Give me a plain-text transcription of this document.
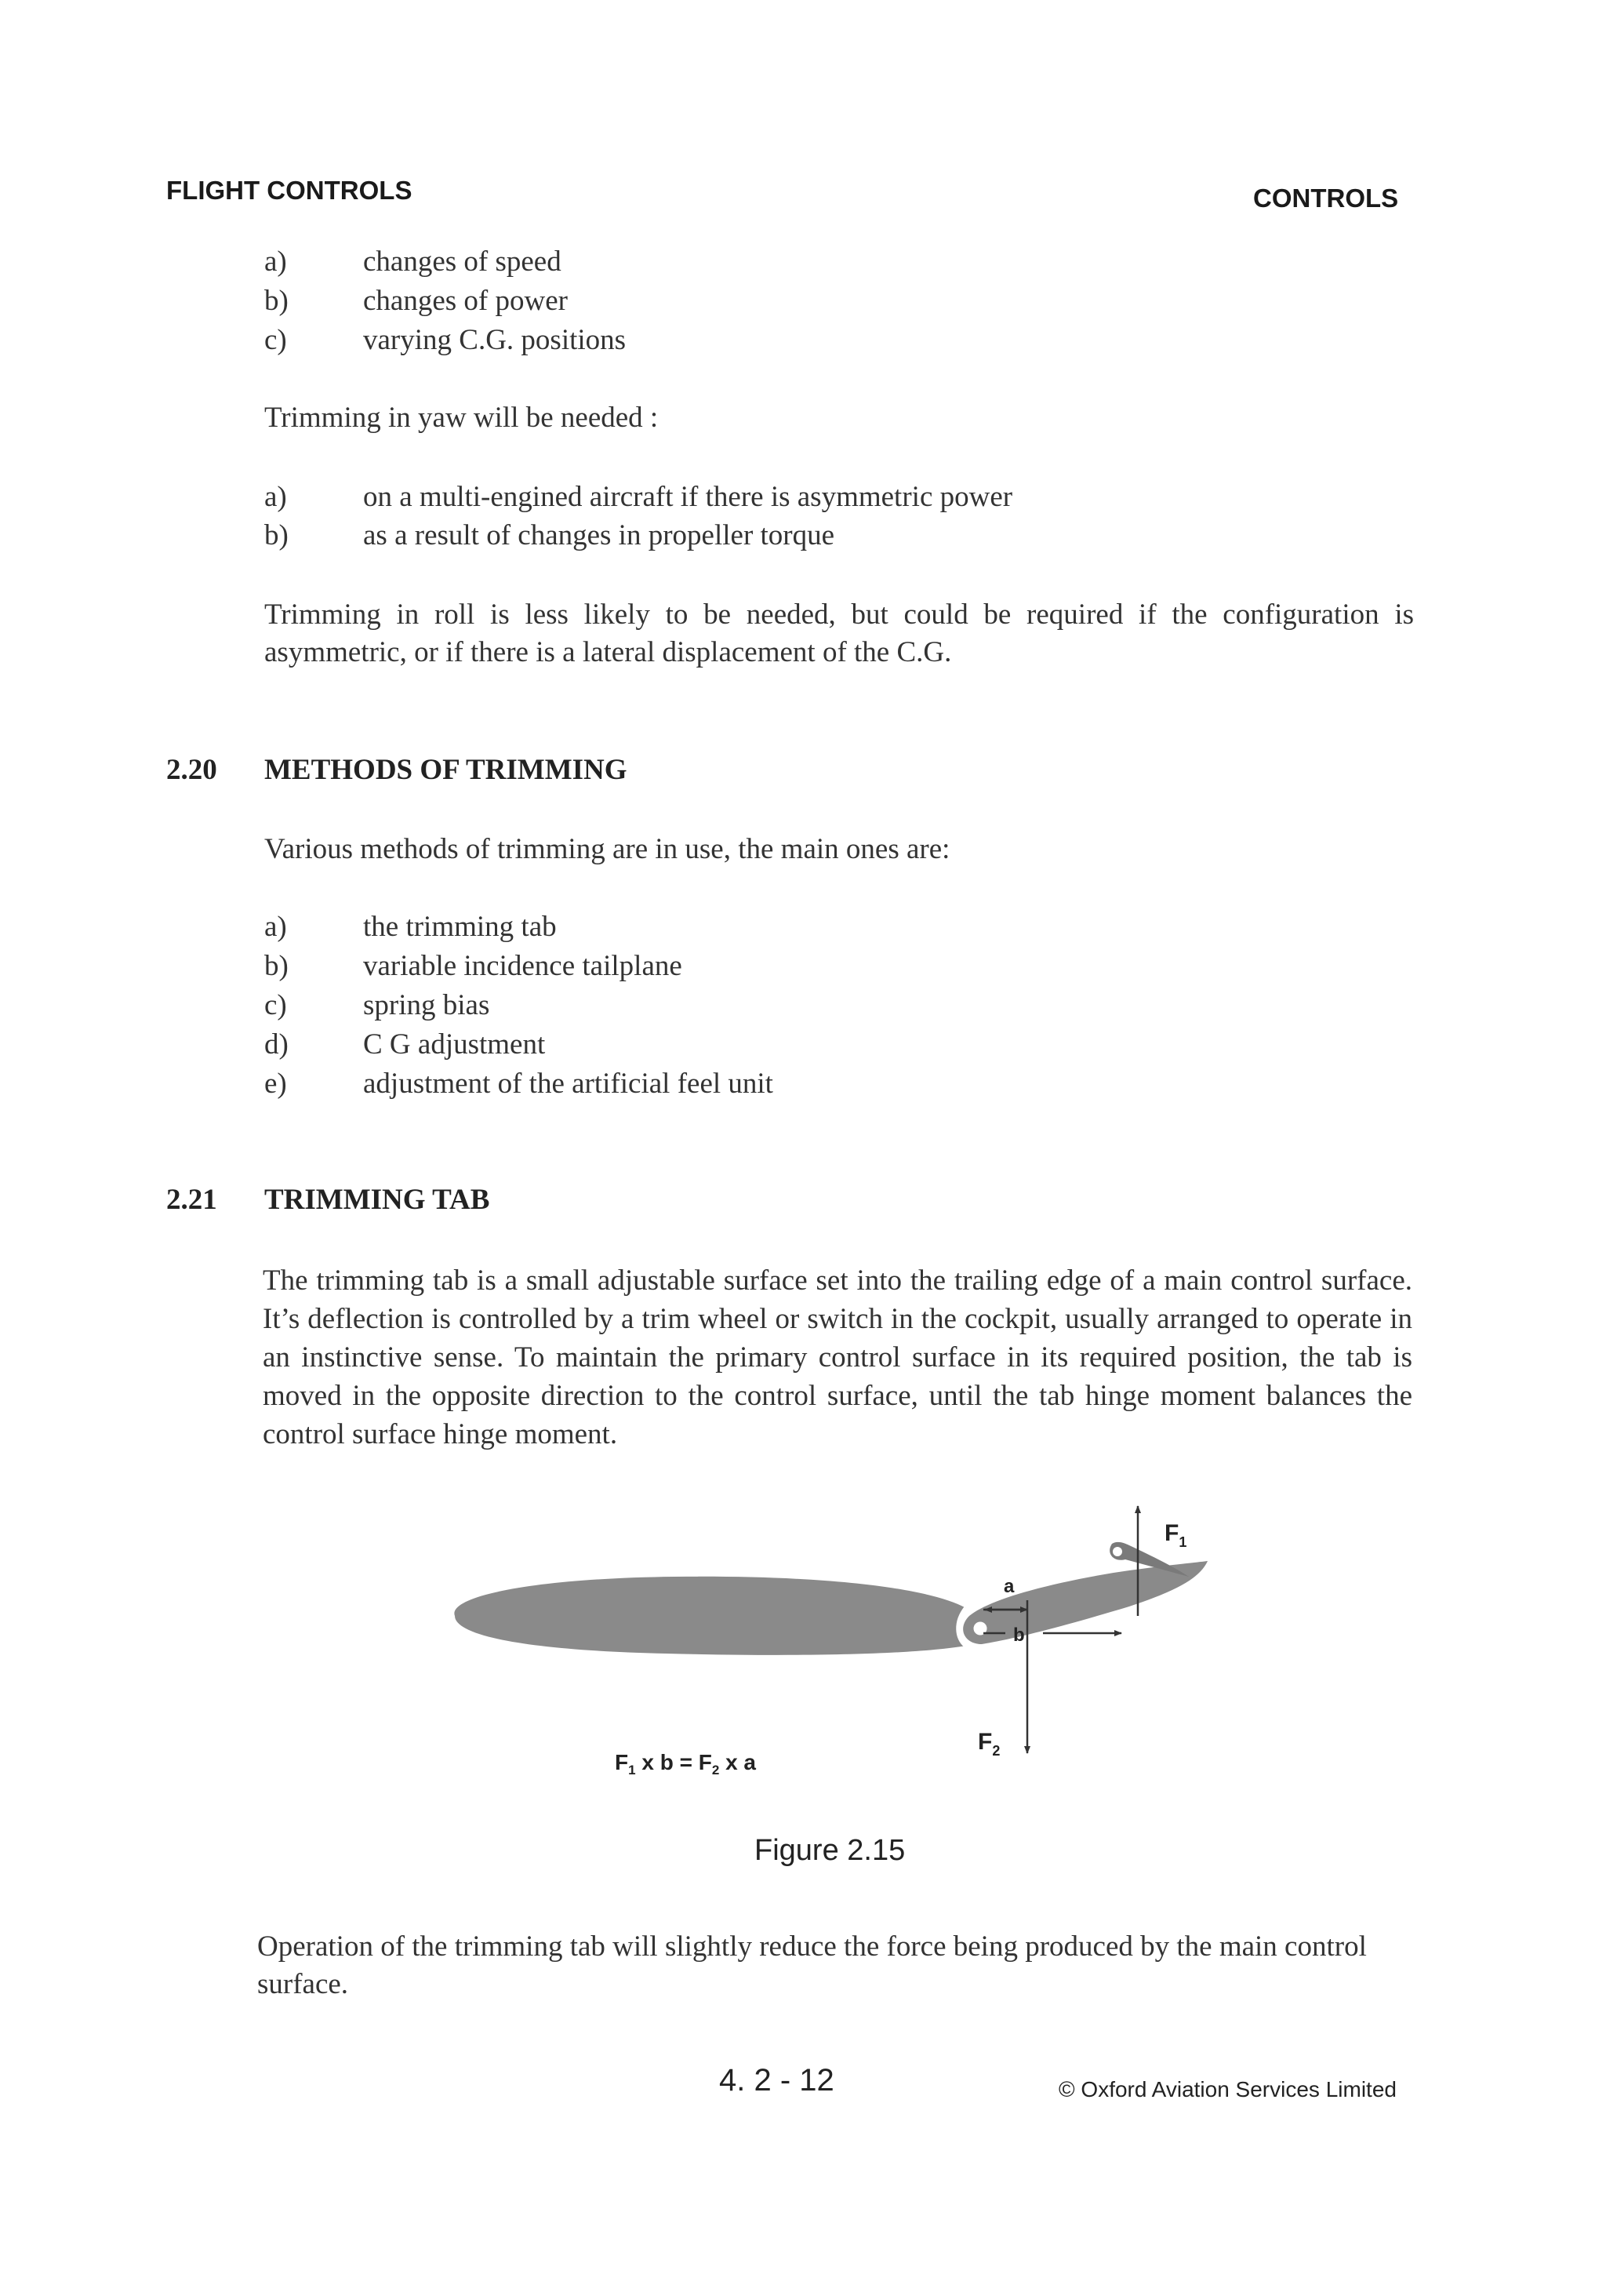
FLIGHT CONTROLS	CONTROLS
a)	changes of speed
b)	changes of power
c)	varying C.G. positions
Trimming in yaw will be needed :
a)	on a multi-engined aircraft if there is asymmetric power
b)	as a result of changes in propeller torque
Trimming in roll is less likely to be needed, but could be required if the configuration is asymmetric, or if there is a lateral displacement of the C.G.
2.20 METHODS OF TRIMMING
Various methods of trimming are in use, the main ones are:
a)	the trimming tab
b)	variable incidence tailplane
c)	spring bias
d)	C G adjustment
e)	adjustment of the artificial feel unit
2.21 TRIMMING TAB
The trimming tab is a small adjustable surface set into the trailing edge of a main control surface. It’s deflection is controlled by a trim wheel or switch in the cockpit, usually arranged to operate in an instinctive sense. To maintain the primary control surface in its required position, the tab is moved in the opposite direction to the control surface, until the tab hinge moment balances the control surface hinge moment.
a
b
$F_1$
$F_2$
$F_1$ x $b = F_2$ x a
Figure 2.15
Operation of the trimming tab will slightly reduce the force being produced by the main control surface.
4. 2 - 12	© Oxford Aviation Services Limited
